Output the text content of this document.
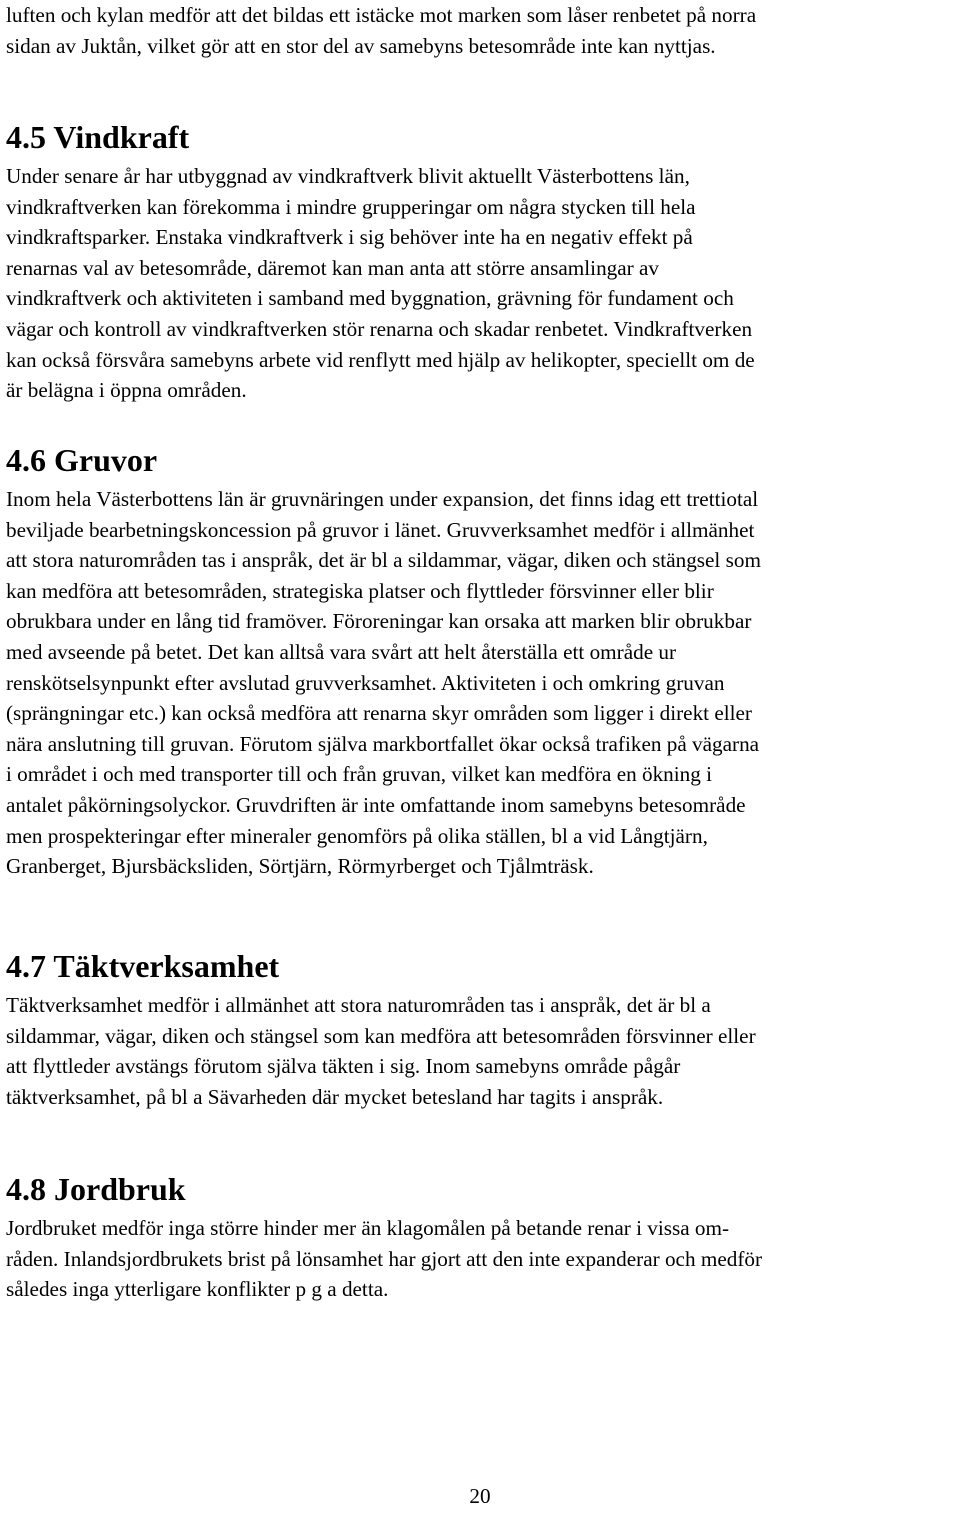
luften och kylan medför att det bildas ett istäcke mot marken som låser renbetet på norra
sidan av Juktån, vilket gör att en stor del av samebyns betesområde inte kan nyttjas.

4.5 Vindkraft

Under senare år har utbyggnad av vindkraftverk blivit aktuellt Västerbottens län,
vindkraftverken kan förekomma i mindre grupperingar om några stycken till hela
vindkraftsparker. Enstaka vindkraftverk i sig behöver inte ha en negativ effekt på
renarnas val av betesområde, däremot kan man anta att större ansamlingar av
vindkraftverk och aktiviteten i samband med byggnation, grävning för fundament och
vägar och kontroll av vindkraftverken stör renarna och skadar renbetet. Vindkraftverken
kan också försvåra samebyns arbete vid renflytt med hjälp av helikopter, speciellt om de
är belägna i öppna områden.

4.6 Gruvor

Inom hela Västerbottens län är gruvnäringen under expansion, det finns idag ett trettiotal
beviljade bearbetningskoncession på gruvor i länet. Gruvverksamhet medför i allmänhet
att stora naturområden tas i anspråk, det är bl a sildammar, vägar, diken och stängsel som
kan medföra att betesområden, strategiska platser och flyttleder försvinner eller blir
obrukbara under en lång tid framöver. Föroreningar kan orsaka att marken blir obrukbar
med avseende på betet. Det kan alltså vara svårt att helt återställa ett område ur
renskötselsynpunkt efter avslutad gruvverksamhet. Aktiviteten i och omkring gruvan
(sprängningar etc.) kan också medföra att renarna skyr områden som ligger i direkt eller
nära anslutning till gruvan. Förutom själva markbortfallet ökar också trafiken på vägarna
i området i och med transporter till och från gruvan, vilket kan medföra en ökning i
antalet påkörningsolyckor. Gruvdriften är inte omfattande inom samebyns betesområde
men prospekteringar efter mineraler genomförs på olika ställen, bl a vid Långtjärn,
Granberget, Bjursbäcksliden, Sörtjärn, Rörmyrberget och Tjålmträsk.

4.7 Täktverksamhet

Täktverksamhet medför i allmänhet att stora naturområden tas i anspråk, det är bl a
sildammar, vägar, diken och stängsel som kan medföra att betesområden försvinner eller
att flyttleder avstängs förutom själva täkten i sig. Inom samebyns område pågår
täktverksamhet, på bl a Sävarheden där mycket betesland har tagits i anspråk.

4.8 Jordbruk

Jordbruket medför inga större hinder mer än klagomålen på betande renar i vissa om-
råden. Inlandsjordbrukets brist på lönsamhet har gjort att den inte expanderar och medför
således inga ytterligare konflikter p g a detta.

20
